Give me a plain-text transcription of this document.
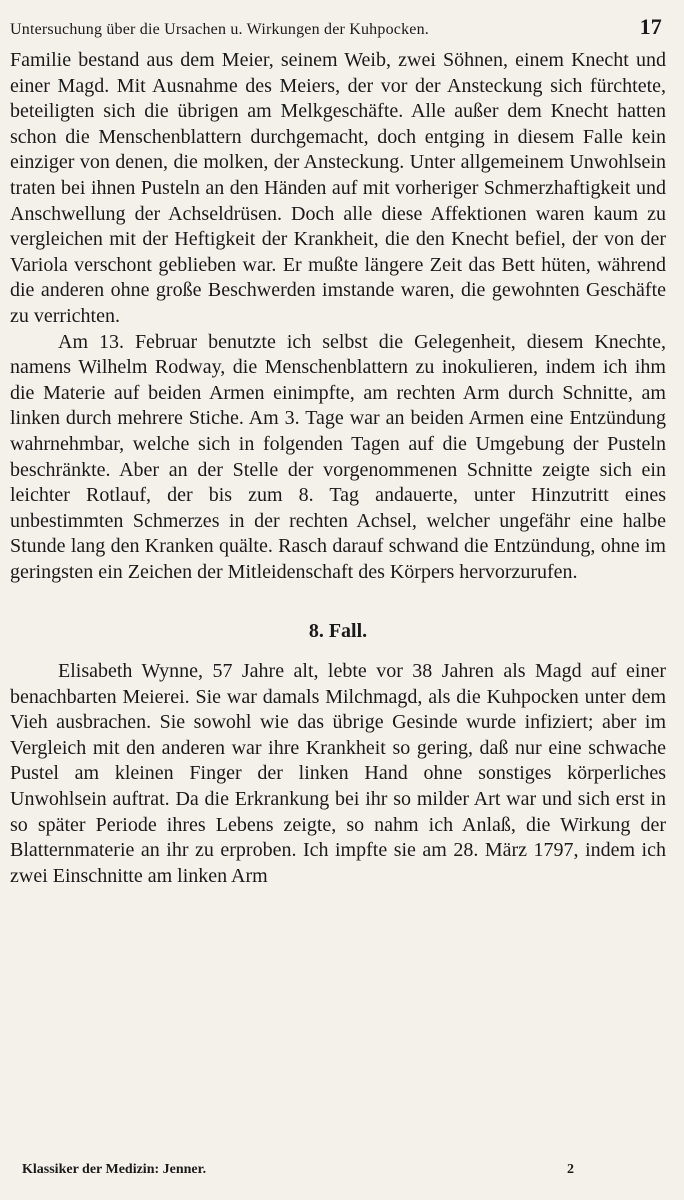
Untersuchung über die Ursachen u. Wirkungen der Kuhpocken.	17

Familie bestand aus dem Meier, seinem Weib, zwei Söhnen, einem Knecht und einer Magd. Mit Ausnahme des Meiers, der vor der Ansteckung sich fürchtete, beteiligten sich die übrigen am Melkgeschäfte. Alle außer dem Knecht hatten schon die Menschenblattern durchgemacht, doch entging in diesem Falle kein einziger von denen, die molken, der Ansteckung. Unter allgemeinem Unwohlsein traten bei ihnen Pusteln an den Händen auf mit vorheriger Schmerzhaftigkeit und Anschwellung der Achseldrüsen. Doch alle diese Affektionen waren kaum zu vergleichen mit der Heftigkeit der Krankheit, die den Knecht befiel, der von der Variola verschont geblieben war. Er mußte längere Zeit das Bett hüten, während die anderen ohne große Beschwerden imstande waren, die gewohnten Geschäfte zu verrichten.

Am 13. Februar benutzte ich selbst die Gelegenheit, diesem Knechte, namens Wilhelm Rodway, die Menschenblattern zu inokulieren, indem ich ihm die Materie auf beiden Armen einimpfte, am rechten Arm durch Schnitte, am linken durch mehrere Stiche. Am 3. Tage war an beiden Armen eine Entzündung wahrnehmbar, welche sich in folgenden Tagen auf die Umgebung der Pusteln beschränkte. Aber an der Stelle der vorgenommenen Schnitte zeigte sich ein leichter Rotlauf, der bis zum 8. Tag andauerte, unter Hinzutritt eines unbestimmten Schmerzes in der rechten Achsel, welcher ungefähr eine halbe Stunde lang den Kranken quälte. Rasch darauf schwand die Entzündung, ohne im geringsten ein Zeichen der Mitleidenschaft des Körpers hervorzurufen.

8. Fall.

Elisabeth Wynne, 57 Jahre alt, lebte vor 38 Jahren als Magd auf einer benachbarten Meierei. Sie war damals Milchmagd, als die Kuhpocken unter dem Vieh ausbrachen. Sie sowohl wie das übrige Gesinde wurde infiziert; aber im Vergleich mit den anderen war ihre Krankheit so gering, daß nur eine schwache Pustel am kleinen Finger der linken Hand ohne sonstiges körperliches Unwohlsein auftrat. Da die Erkrankung bei ihr so milder Art war und sich erst in so später Periode ihres Lebens zeigte, so nahm ich Anlaß, die Wirkung der Blatternmaterie an ihr zu erproben. Ich impfte sie am 28. März 1797, indem ich zwei Einschnitte am linken Arm

Klassiker der Medizin: Jenner.	2
